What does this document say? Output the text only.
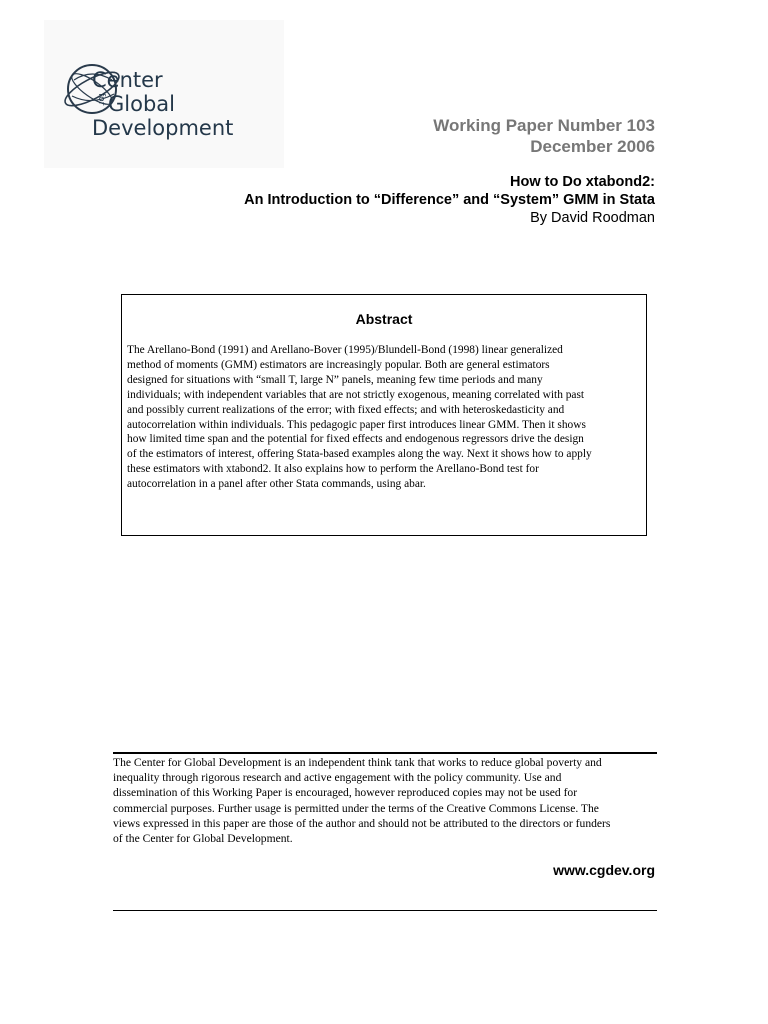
Center
for Global
Development	Working Paper Number 103
December 2006
How to Do xtabond2:
An Introduction to “Difference” and “System” GMM in Stata
By David Roodman
Abstract
The Arellano-Bond (1991) and Arellano-Bover (1995)/Blundell-Bond (1998) linear generalized
method of moments (GMM) estimators are increasingly popular. Both are general estimators
designed for situations with “small T, large N” panels, meaning few time periods and many
individuals; with independent variables that are not strictly exogenous, meaning correlated with past
and possibly current realizations of the error; with fixed effects; and with heteroskedasticity and
autocorrelation within individuals. This pedagogic paper first introduces linear GMM. Then it shows
how limited time span and the potential for fixed effects and endogenous regressors drive the design
of the estimators of interest, offering Stata-based examples along the way. Next it shows how to apply
these estimators with xtabond2. It also explains how to perform the Arellano-Bond test for
autocorrelation in a panel after other Stata commands, using abar.
The Center for Global Development is an independent think tank that works to reduce global poverty and
inequality through rigorous research and active engagement with the policy community. Use and
dissemination of this Working Paper is encouraged, however reproduced copies may not be used for
commercial purposes. Further usage is permitted under the terms of the Creative Commons License. The
views expressed in this paper are those of the author and should not be attributed to the directors or funders
of the Center for Global Development.
www.cgdev.org
